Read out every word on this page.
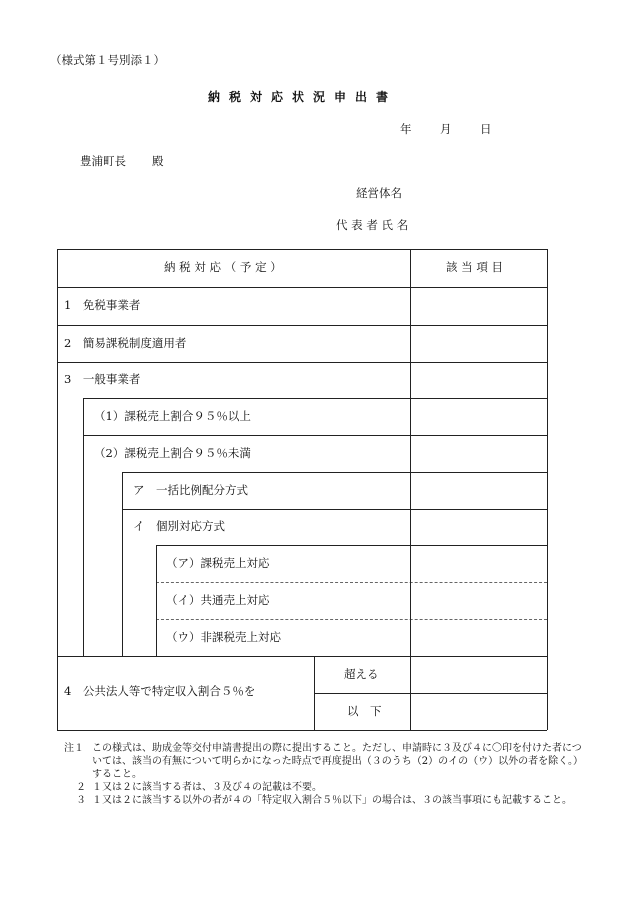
（様式第１号別添１）
納税対応状況申出書
年 月 日
豊浦町長 殿
経営体名
代表者氏名
納税対応（予定）	該当項目
1　免税事業者
2　簡易課税制度適用者
3　一般事業者
（1）課税売上割合９５％以上
（2）課税売上割合９５％未満
ア　一括比例配分方式
イ　個別対応方式
（ア）課税売上対応
（イ）共通売上対応
（ウ）非課税売上対応
4　公共法人等で特定収入割合５％を
超える
以　下
注１ この様式は、助成金等交付申請書提出の際に提出すること。ただし、申請時に３及び４に〇印を付けた者については、該当の有無について明らかになった時点で再度提出（３のうち（2）のイの（ウ）以外の者を除く。）すること。
２ １又は２に該当する者は、３及び４の記載は不要。
３ １又は２に該当する以外の者が４の「特定収入割合５％以下」の場合は、３の該当事項にも記載すること。
